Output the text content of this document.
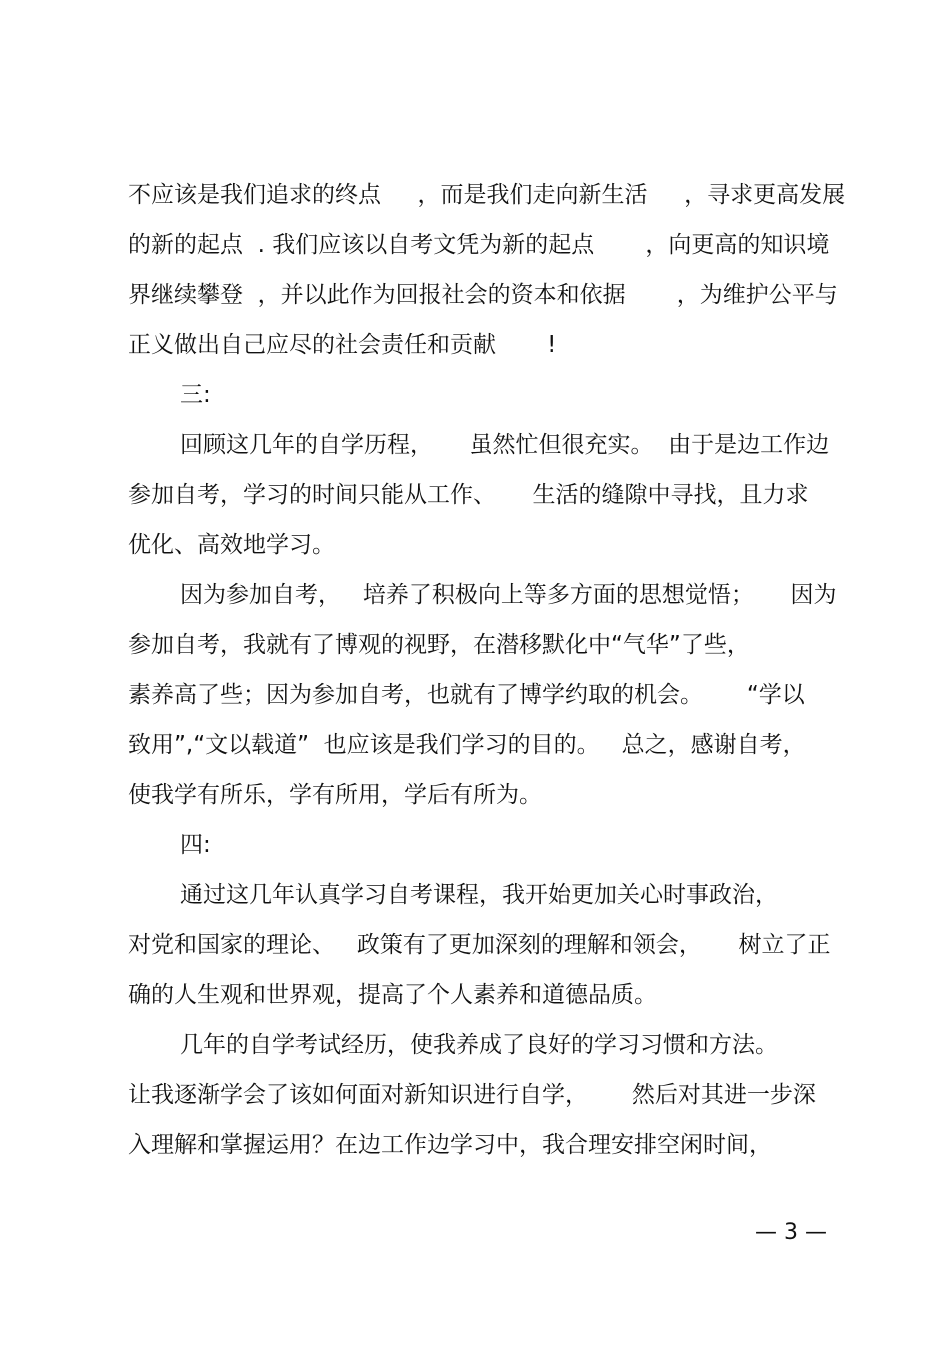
不应该是我们追求的终点     ，而是我们走向新生活     ，寻求更高发展
的新的起点  . 我们应该以自考文凭为新的起点       ，向更高的知识境
界继续攀登  ，并以此作为回报社会的资本和依据       ，为维护公平与
正义做出自己应尽的社会责任和贡献       !
三:
回顾这几年的自学历程，     虽然忙但很充实。  由于是边工作边
参加自考，学习的时间只能从工作、     生活的缝隙中寻找，且力求
优化、高效地学习。
因为参加自考，   培养了积极向上等多方面的思想觉悟；     因为
参加自考，我就有了博观的视野，在潜移默化中“气华”了些，
素养高了些；因为参加自考，也就有了博学约取的机会。      “学以
致用”,“文以载道”  也应该是我们学习的目的。   总之，感谢自考，
使我学有所乐，学有所用，学后有所为。
四:
通过这几年认真学习自考课程，我开始更加关心时事政治，
对党和国家的理论、   政策有了更加深刻的理解和领会，     树立了正
确的人生观和世界观，提高了个人素养和道德品质。
几年的自学考试经历，使我养成了良好的学习习惯和方法。
让我逐渐学会了该如何面对新知识进行自学，      然后对其进一步深
入理解和掌握运用？在边工作边学习中，我合理安排空闲时间，
— 3 —
